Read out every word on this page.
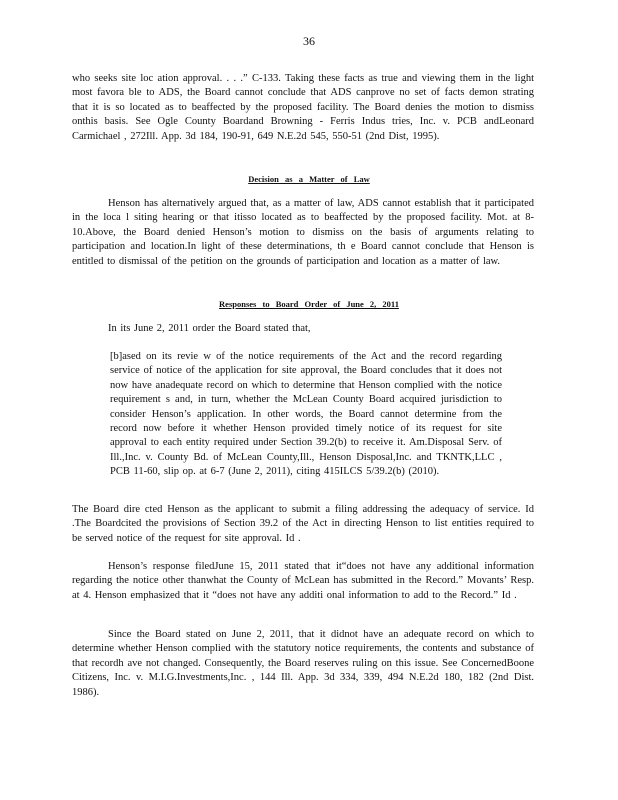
36

who seeks site loc ation approval. . . .” C-133. Taking these facts as true and viewing them in the light most favora ble to ADS, the Board cannot conclude that ADS canprove no set of facts demon strating that it is so located as to beaffected by the proposed facility. The Board denies the motion to dismiss onthis basis. See Ogle County Boardand Browning - Ferris Indus tries, Inc. v. PCB andLeonard Carmichael , 272Ill. App. 3d 184, 190-91, 649 N.E.2d 545, 550-51 (2nd Dist, 1995).

Decision as a Matter of Law

Henson has alternatively argued that, as a matter of law, ADS cannot establish that it participated in the loca l siting hearing or that itisso located as to beaffected by the proposed facility. Mot. at 8-10.Above, the Board denied Henson’s motion to dismiss on the basis of arguments relating to participation and location.In light of these determinations, th e Board cannot conclude that Henson is entitled to dismissal of the petition on the grounds of participation and location as a matter of law.

Responses to Board Order of June 2, 2011

In its June 2, 2011 order the Board stated that,

[b]ased on its revie w of the notice requirements of the Act and the record regarding service of notice of the application for site approval, the Board concludes that it does not now have anadequate record on which to determine that Henson complied with the notice requirement s and, in turn, whether the McLean County Board acquired jurisdiction to consider Henson’s application. In other words, the Board cannot determine from the record now before it whether Henson provided timely notice of its request for site approval to each entity required under Section 39.2(b) to receive it. Am.Disposal Serv. of Ill.,Inc. v. County Bd. of McLean County,Ill., Henson Disposal,Inc. and TKNTK,LLC , PCB 11-60, slip op. at 6-7 (June 2, 2011), citing 415ILCS 5/39.2(b) (2010).

The Board dire cted Henson as the applicant to submit a filing addressing the adequacy of service. Id .The Boardcited the provisions of Section 39.2 of the Act in directing Henson to list entities required to be served notice of the request for site approval. Id .

Henson’s response filedJune 15, 2011 stated that it“does not have any additional information regarding the notice other thanwhat the County of McLean has submitted in the Record.” Movants’ Resp. at 4. Henson emphasized that it “does not have any additi onal information to add to the Record.” Id .

Since the Board stated on June 2, 2011, that it didnot have an adequate record on which to determine whether Henson complied with the statutory notice requirements, the contents and substance of that recordh ave not changed. Consequently, the Board reserves ruling on this issue. See ConcernedBoone Citizens, Inc. v. M.I.G.Investments,Inc. , 144 Ill. App. 3d 334, 339, 494 N.E.2d 180, 182 (2nd Dist. 1986).
